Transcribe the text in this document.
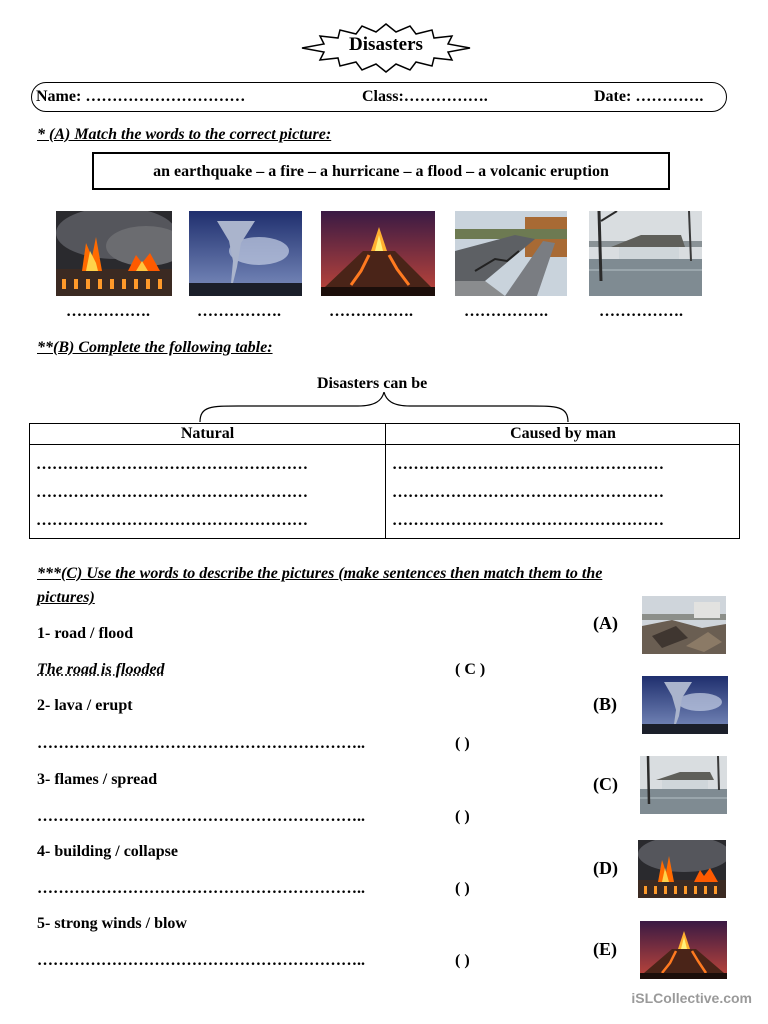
Disasters
Name: …………………………	Class:…………….	Date: ………….
* (A) Match the words to the correct picture:
an earthquake – a fire – a hurricane – a flood – a volcanic eruption
…………….	…………….	…………….	…………….	…………….
**(B) Complete the following table:
Disasters can be
Natural	Caused by man
……………………………………………	……………………………………………
……………………………………………	……………………………………………
……………………………………………	……………………………………………
***(C) Use the words to describe the pictures (make sentences then match them to the
pictures)
1- road / flood
The road is flooded	( C )
2- lava / erupt
……………………………………………………..	( )
3- flames / spread
……………………………………………………..	( )
4- building / collapse
……………………………………………………..	( )
5- strong winds / blow
……………………………………………………..	( )
(A)
(B)
(C)
(D)
(E)
iSLCollective.com
